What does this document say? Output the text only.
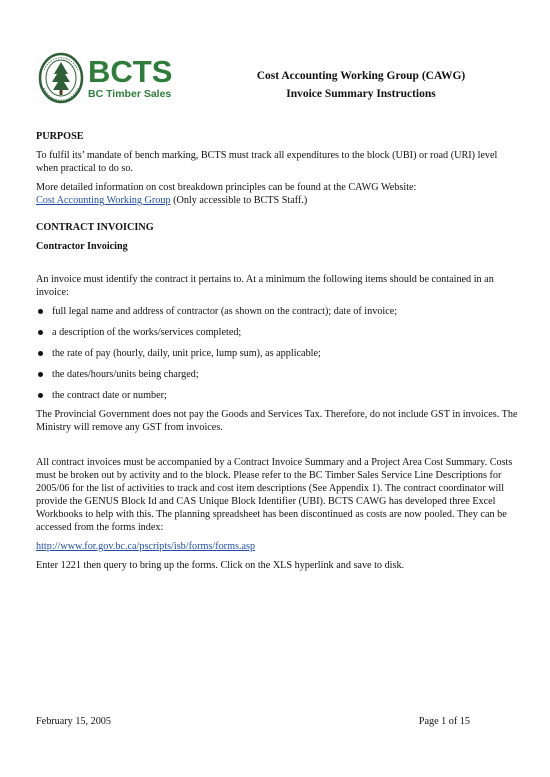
BCTS
BC Timber Sales
Cost Accounting Working Group (CAWG)
Invoice Summary Instructions

PURPOSE

To fulfil its’ mandate of bench marking, BCTS must track all expenditures to the block (UBI) or road (URI) level when practical to do so.

More detailed information on cost breakdown principles can be found at the CAWG Website:
Cost Accounting Working Group (Only accessible to BCTS Staff.)

CONTRACT INVOICING

Contractor Invoicing

An invoice must identify the contract it pertains to. At a minimum the following items should be contained in an invoice:

full legal name and address of contractor (as shown on the contract); date of invoice;
a description of the works/services completed;
the rate of pay (hourly, daily, unit price, lump sum), as applicable;
the dates/hours/units being charged;
the contract date or number;

The Provincial Government does not pay the Goods and Services Tax. Therefore, do not include GST in invoices. The Ministry will remove any GST from invoices.

All contract invoices must be accompanied by a Contract Invoice Summary and a Project Area Cost Summary. Costs must be broken out by activity and to the block. Please refer to the BC Timber Sales Service Line Descriptions for 2005/06 for the list of activities to track and cost item descriptions (See Appendix 1). The contract coordinator will provide the GENUS Block Id and CAS Unique Block Identifier (UBI). BCTS CAWG has developed three Excel Workbooks to help with this. The planning spreadsheet has been discontinued as costs are now pooled. They can be accessed from the forms index:

http://www.for.gov.bc.ca/pscripts/isb/forms/forms.asp

Enter 1221 then query to bring up the forms. Click on the XLS hyperlink and save to disk.

February 15, 2005	Page 1 of 15
